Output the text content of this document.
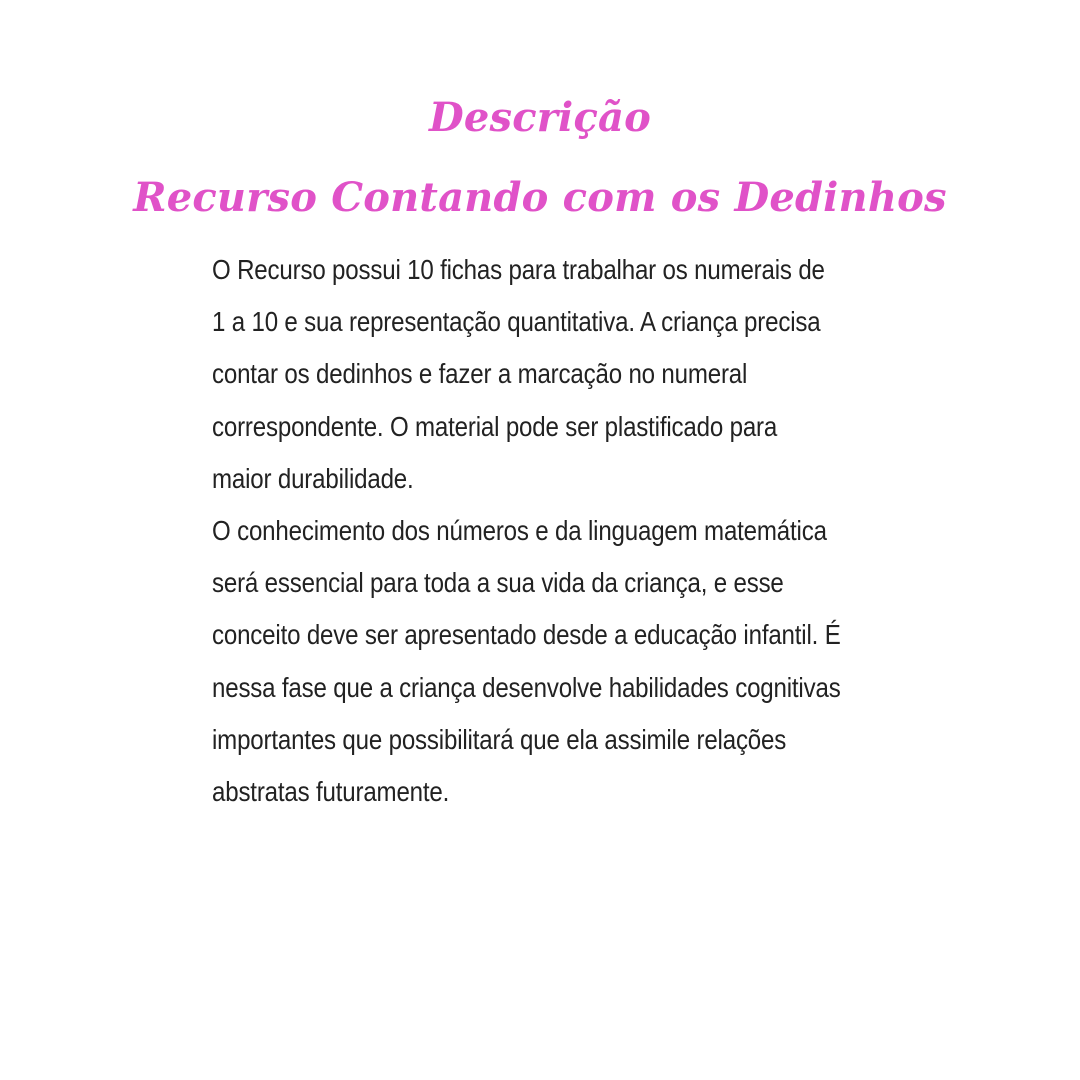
Descrição
Recurso Contando com os Dedinhos
O Recurso possui 10 fichas para trabalhar os numerais de
1 a 10 e sua representação quantitativa. A criança precisa
contar os dedinhos e fazer a marcação no numeral
correspondente. O material pode ser plastificado para
maior durabilidade.
O conhecimento dos números e da linguagem matemática
será essencial para toda a sua vida da criança, e esse
conceito deve ser apresentado desde a educação infantil. É
nessa fase que a criança desenvolve habilidades cognitivas
importantes que possibilitará que ela assimile relações
abstratas futuramente.
